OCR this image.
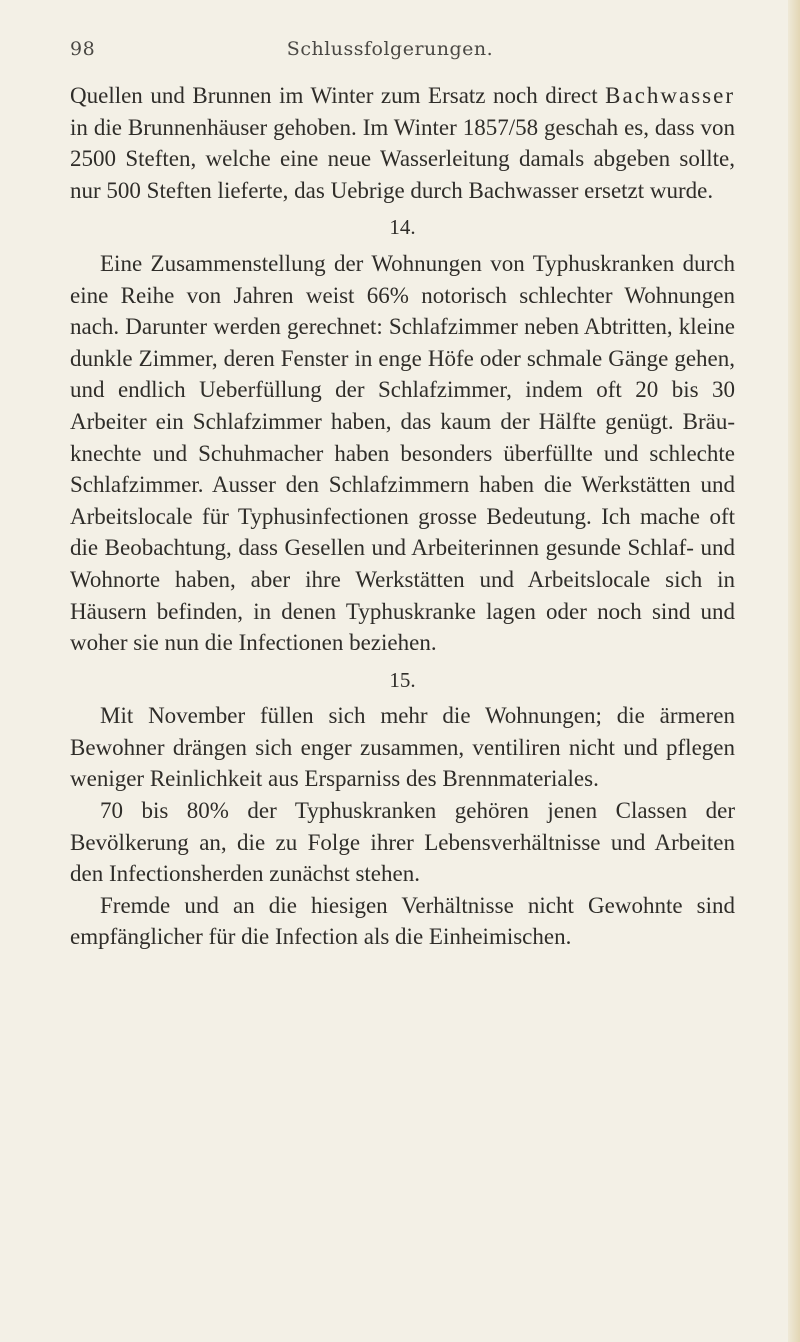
98	Schlussfolgerungen.

Quellen und Brunnen im Winter zum Ersatz noch direct Bachwasser in die Brunnenhäuser gehoben. Im Winter 1857/58 geschah es, dass von 2500 Steften, welche eine neue Wasserleitung damals abgeben sollte, nur 500 Steften lieferte, das Uebrige durch Bachwasser ersetzt wurde.

14.

Eine Zusammenstellung der Wohnungen von Typhuskranken durch eine Reihe von Jahren weist 66% notorisch schlechter Wohnungen nach. Darunter werden gerechnet: Schlafzimmer neben Abtritten, kleine dunkle Zimmer, deren Fenster in enge Höfe oder schmale Gänge gehen, und endlich Ueberfüllung der Schlafzimmer, indem oft 20 bis 30 Arbeiter ein Schlafzimmer haben, das kaum der Hälfte genügt. Bräuknechte und Schuhmacher haben besonders überfüllte und schlechte Schlafzimmer. Ausser den Schlafzimmern haben die Werkstätten und Arbeitslocale für Typhusinfectionen grosse Bedeutung. Ich mache oft die Beobachtung, dass Gesellen und Arbeiterinnen gesunde Schlaf- und Wohnorte haben, aber ihre Werkstätten und Arbeitslocale sich in Häusern befinden, in denen Typhuskranke lagen oder noch sind und woher sie nun die Infectionen beziehen.

15.

Mit November füllen sich mehr die Wohnungen; die ärmeren Bewohner drängen sich enger zusammen, ventiliren nicht und pflegen weniger Reinlichkeit aus Ersparniss des Brennmateriales.

70 bis 80% der Typhuskranken gehören jenen Classen der Bevölkerung an, die zu Folge ihrer Lebensverhältnisse und Arbeiten den Infectionsherden zunächst stehen.

Fremde und an die hiesigen Verhältnisse nicht Gewohnte sind empfänglicher für die Infection als die Einheimischen.
